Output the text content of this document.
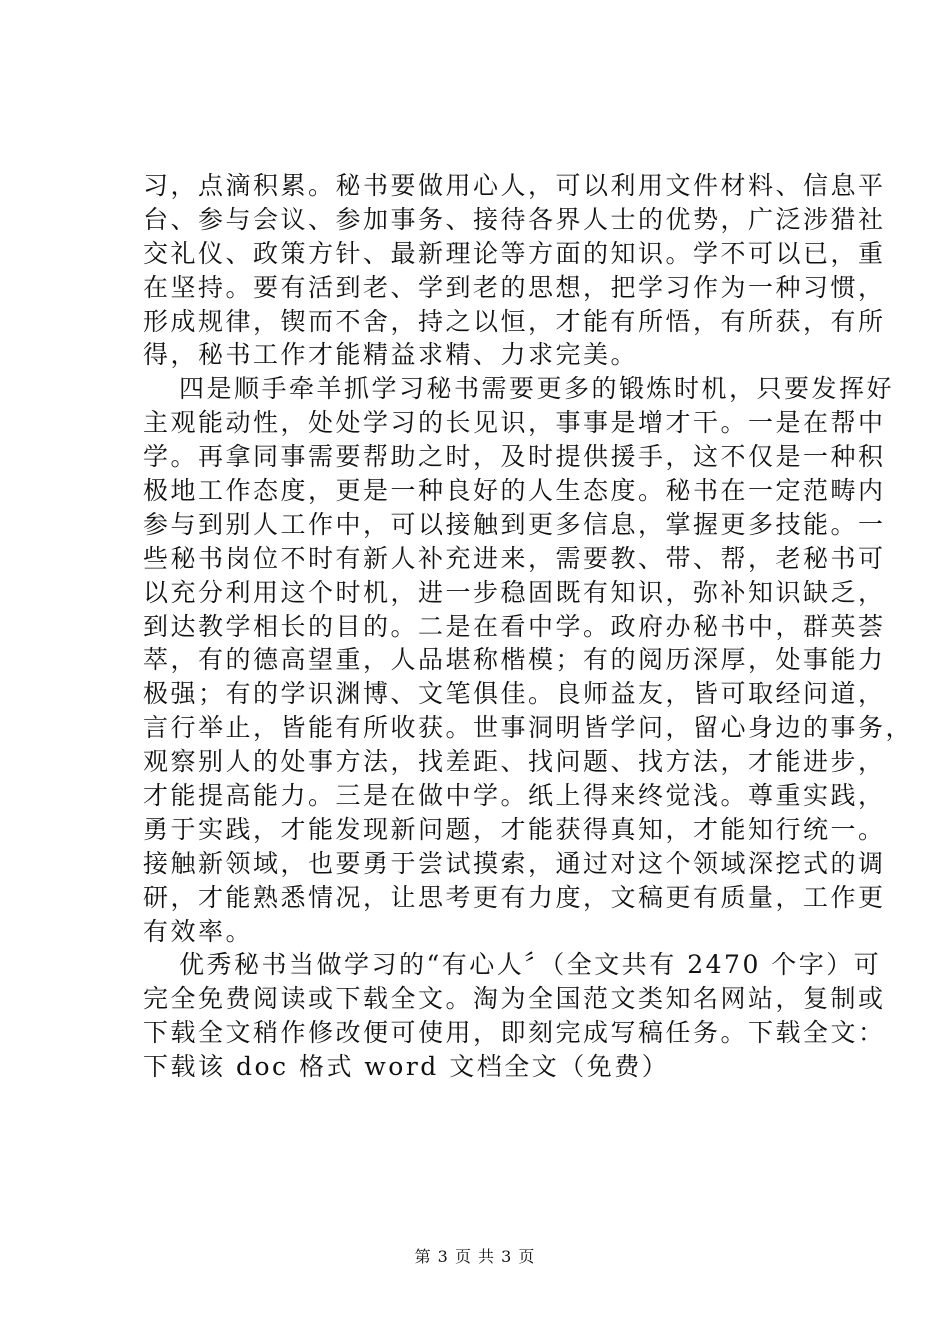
习，点滴积累。秘书要做用心人，可以利用文件材料、信息平
台、参与会议、参加事务、接待各界人士的优势，广泛涉猎社
交礼仪、政策方针、最新理论等方面的知识。学不可以已，重
在坚持。要有活到老、学到老的思想，把学习作为一种习惯，
形成规律，锲而不舍，持之以恒，才能有所悟，有所获，有所
得，秘书工作才能精益求精、力求完美。
四是顺手牵羊抓学习秘书需要更多的锻炼时机，只要发挥好
主观能动性，处处学习的长见识，事事是增才干。一是在帮中
学。再拿同事需要帮助之时，及时提供援手，这不仅是一种积
极地工作态度，更是一种良好的人生态度。秘书在一定范畴内
参与到别人工作中，可以接触到更多信息，掌握更多技能。一
些秘书岗位不时有新人补充进来，需要教、带、帮，老秘书可
以充分利用这个时机，进一步稳固既有知识，弥补知识缺乏，
到达教学相长的目的。二是在看中学。政府办秘书中，群英荟
萃，有的德高望重，人品堪称楷模；有的阅历深厚，处事能力
极强；有的学识渊博、文笔俱佳。良师益友，皆可取经问道，
言行举止，皆能有所收获。世事洞明皆学问，留心身边的事务，
观察别人的处事方法，找差距、找问题、找方法，才能进步，
才能提高能力。三是在做中学。纸上得来终觉浅。尊重实践，
勇于实践，才能发现新问题，才能获得真知，才能知行统一。
接触新领域，也要勇于尝试摸索，通过对这个领域深挖式的调
研，才能熟悉情况，让思考更有力度，文稿更有质量，工作更
有效率。
优秀秘书当做学习的“有心人〞（全文共有 2470 个字）可
完全免费阅读或下载全文。淘为全国范文类知名网站，复制或
下载全文稍作修改便可使用，即刻完成写稿任务。下载全文：
下载该 doc 格式 word 文档全文（免费）
第 3 页 共 3 页
